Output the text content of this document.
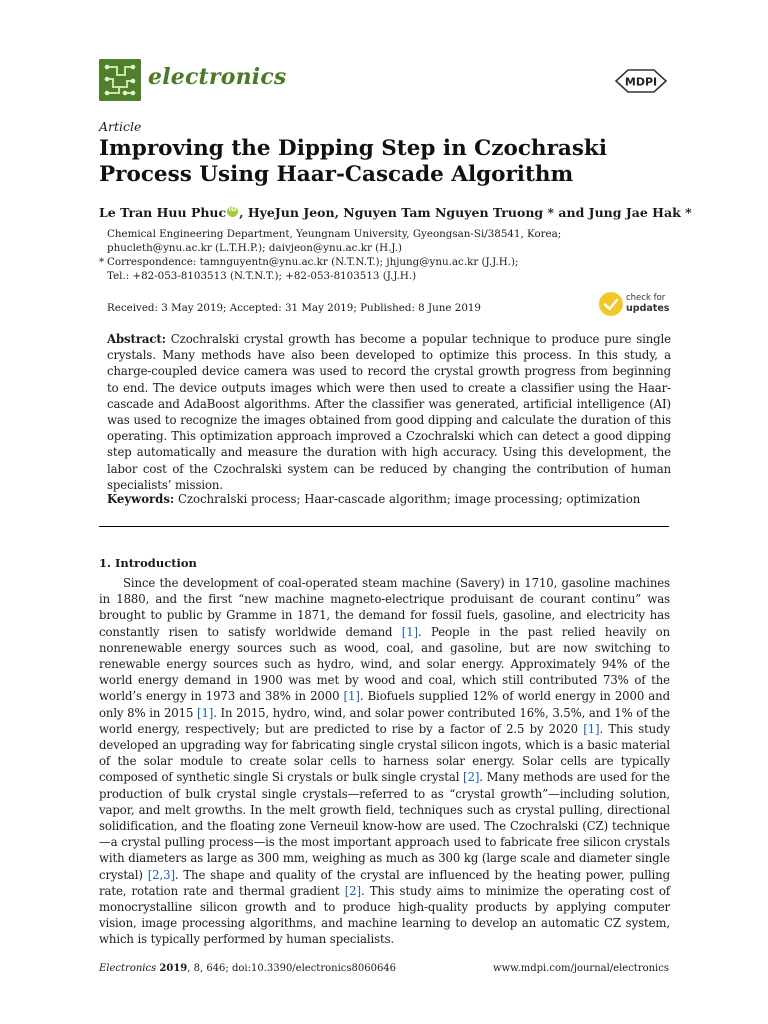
electronics	MDPI
Article
Improving the Dipping Step in Czochraski Process Using Haar-Cascade Algorithm
Le Tran Huu Phuc iD , HyeJun Jeon, Nguyen Tam Nguyen Truong * and Jung Jae Hak *

Chemical Engineering Department, Yeungnam University, Gyeongsan-Si/38541, Korea;

phucleth@ynu.ac.kr (L.T.H.P.); daivjeon@ynu.ac.kr (H.J.)

* Correspondence: tamnguyentn@ynu.ac.kr (N.T.N.T.); jhjung@ynu.ac.kr (J.J.H.);

Tel.: +82-053-8103513 (N.T.N.T.); +82-053-8103513 (J.J.H.)

Received: 3 May 2019; Accepted: 31 May 2019; Published: 8 June 2019
check for
updates
Abstract: Czochralski crystal growth has become a popular technique to produce pure single crystals. Many methods have also been developed to optimize this process. In this study, a charge-coupled device camera was used to record the crystal growth progress from beginning to end. The device outputs images which were then used to create a classifier using the Haar-cascade and AdaBoost algorithms. After the classifier was generated, artificial intelligence (AI) was used to recognize the images obtained from good dipping and calculate the duration of this operating. This optimization approach improved a Czochralski which can detect a good dipping step automatically and measure the duration with high accuracy. Using this development, the labor cost of the Czochralski system can be reduced by changing the contribution of human specialists’ mission.
Keywords: Czochralski process; Haar-cascade algorithm; image processing; optimization
1. Introduction
Since the development of coal-operated steam machine (Savery) in 1710, gasoline machines in 1880, and the first “new machine magneto-electrique produisant de courant continu” was brought to public by Gramme in 1871, the demand for fossil fuels, gasoline, and electricity has constantly risen to satisfy worldwide demand [1]. People in the past relied heavily on nonrenewable energy sources such as wood, coal, and gasoline, but are now switching to renewable energy sources such as hydro, wind, and solar energy. Approximately 94% of the world energy demand in 1900 was met by wood and coal, which still contributed 73% of the world’s energy in 1973 and 38% in 2000 [1]. Biofuels supplied 12% of world energy in 2000 and only 8% in 2015 [1]. In 2015, hydro, wind, and solar power contributed 16%, 3.5%, and 1% of the world energy, respectively; but are predicted to rise by a factor of 2.5 by 2020 [1]. This study developed an upgrading way for fabricating single crystal silicon ingots, which is a basic material of the solar module to create solar cells to harness solar energy. Solar cells are typically composed of synthetic single Si crystals or bulk single crystal [2]. Many methods are used for the production of bulk crystal single crystals—referred to as “crystal growth”—including solution, vapor, and melt growths. In the melt growth field, techniques such as crystal pulling, directional solidification, and the floating zone Verneuil know-how are used. The Czochralski (CZ) technique—a crystal pulling process—is the most important approach used to fabricate free silicon crystals with diameters as large as 300 mm, weighing as much as 300 kg (large scale and diameter single crystal) [2,3]. The shape and quality of the crystal are influenced by the heating power, pulling rate, rotation rate and thermal gradient [2]. This study aims to minimize the operating cost of monocrystalline silicon growth and to produce high-quality products by applying computer vision, image processing algorithms, and machine learning to develop an automatic CZ system, which is typically performed by human specialists.
Electronics 2019, 8, 646; doi:10.3390/electronics8060646	www.mdpi.com/journal/electronics
